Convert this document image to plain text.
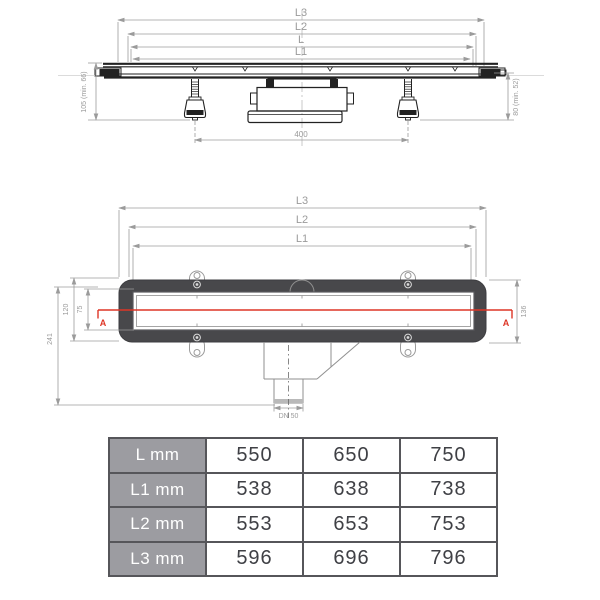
L3
L2
L
L1
105 (min. 66)	80 (min. 52)
400
L3
L2
L1
A	A
DN 50
75
120
241
136
L mm	550	650	750
L1 mm	538	638	738
L2 mm	553	653	753
L3 mm	596	696	796
